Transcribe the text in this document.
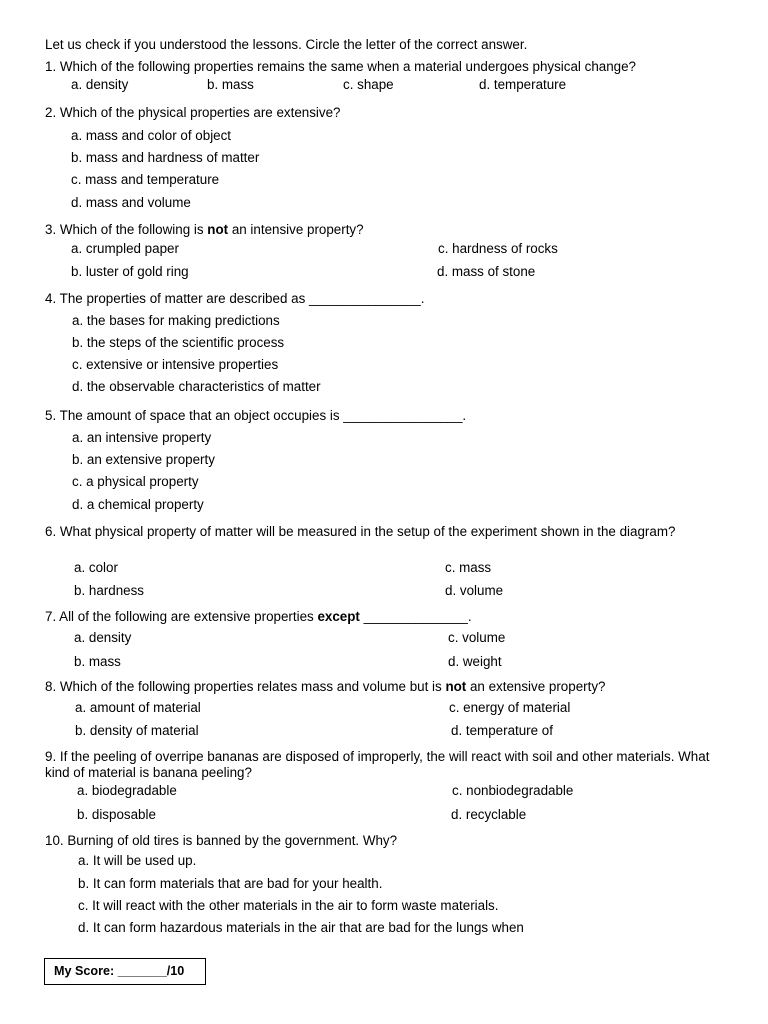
Let us check if you understood the lessons. Circle the letter of the correct answer.
1. Which of the following properties remains the same when a material undergoes physical change?
a. density	b. mass	c. shape	d. temperature
2. Which of the physical properties are extensive?
a. mass and color of object
b. mass and hardness of matter
c. mass and temperature
d. mass and volume
3. Which of the following is not an intensive property?
a. crumpled paper
b. luster of gold ring
c. hardness of rocks
d. mass of stone
4. The properties of matter are described as _______________.
a. the bases for making predictions
b. the steps of the scientific process
c. extensive or intensive properties
d. the observable characteristics of matter
5. The amount of space that an object occupies is ________________.
a. an intensive property
b. an extensive property
c. a physical property
d. a chemical property
6. What physical property of matter will be measured in the setup of the experiment shown in the diagram?
a. color
b. hardness
c. mass
d. volume
7. All of the following are extensive properties except ______________.
a. density
b. mass
c. volume
d. weight
8. Which of the following properties relates mass and volume but is not an extensive property?
a. amount of material
b. density of material
c. energy of material
d. temperature of
9. If the peeling of overripe bananas are disposed of improperly, the will react with soil and other materials. What kind of material is banana peeling?
a. biodegradable
b. disposable
c. nonbiodegradable
d. recyclable
10. Burning of old tires is banned by the government. Why?
a. It will be used up.
b. It can form materials that are bad for your health.
c. It will react with the other materials in the air to form waste materials.
d. It can form hazardous materials in the air that are bad for the lungs when
My Score: _______/10
